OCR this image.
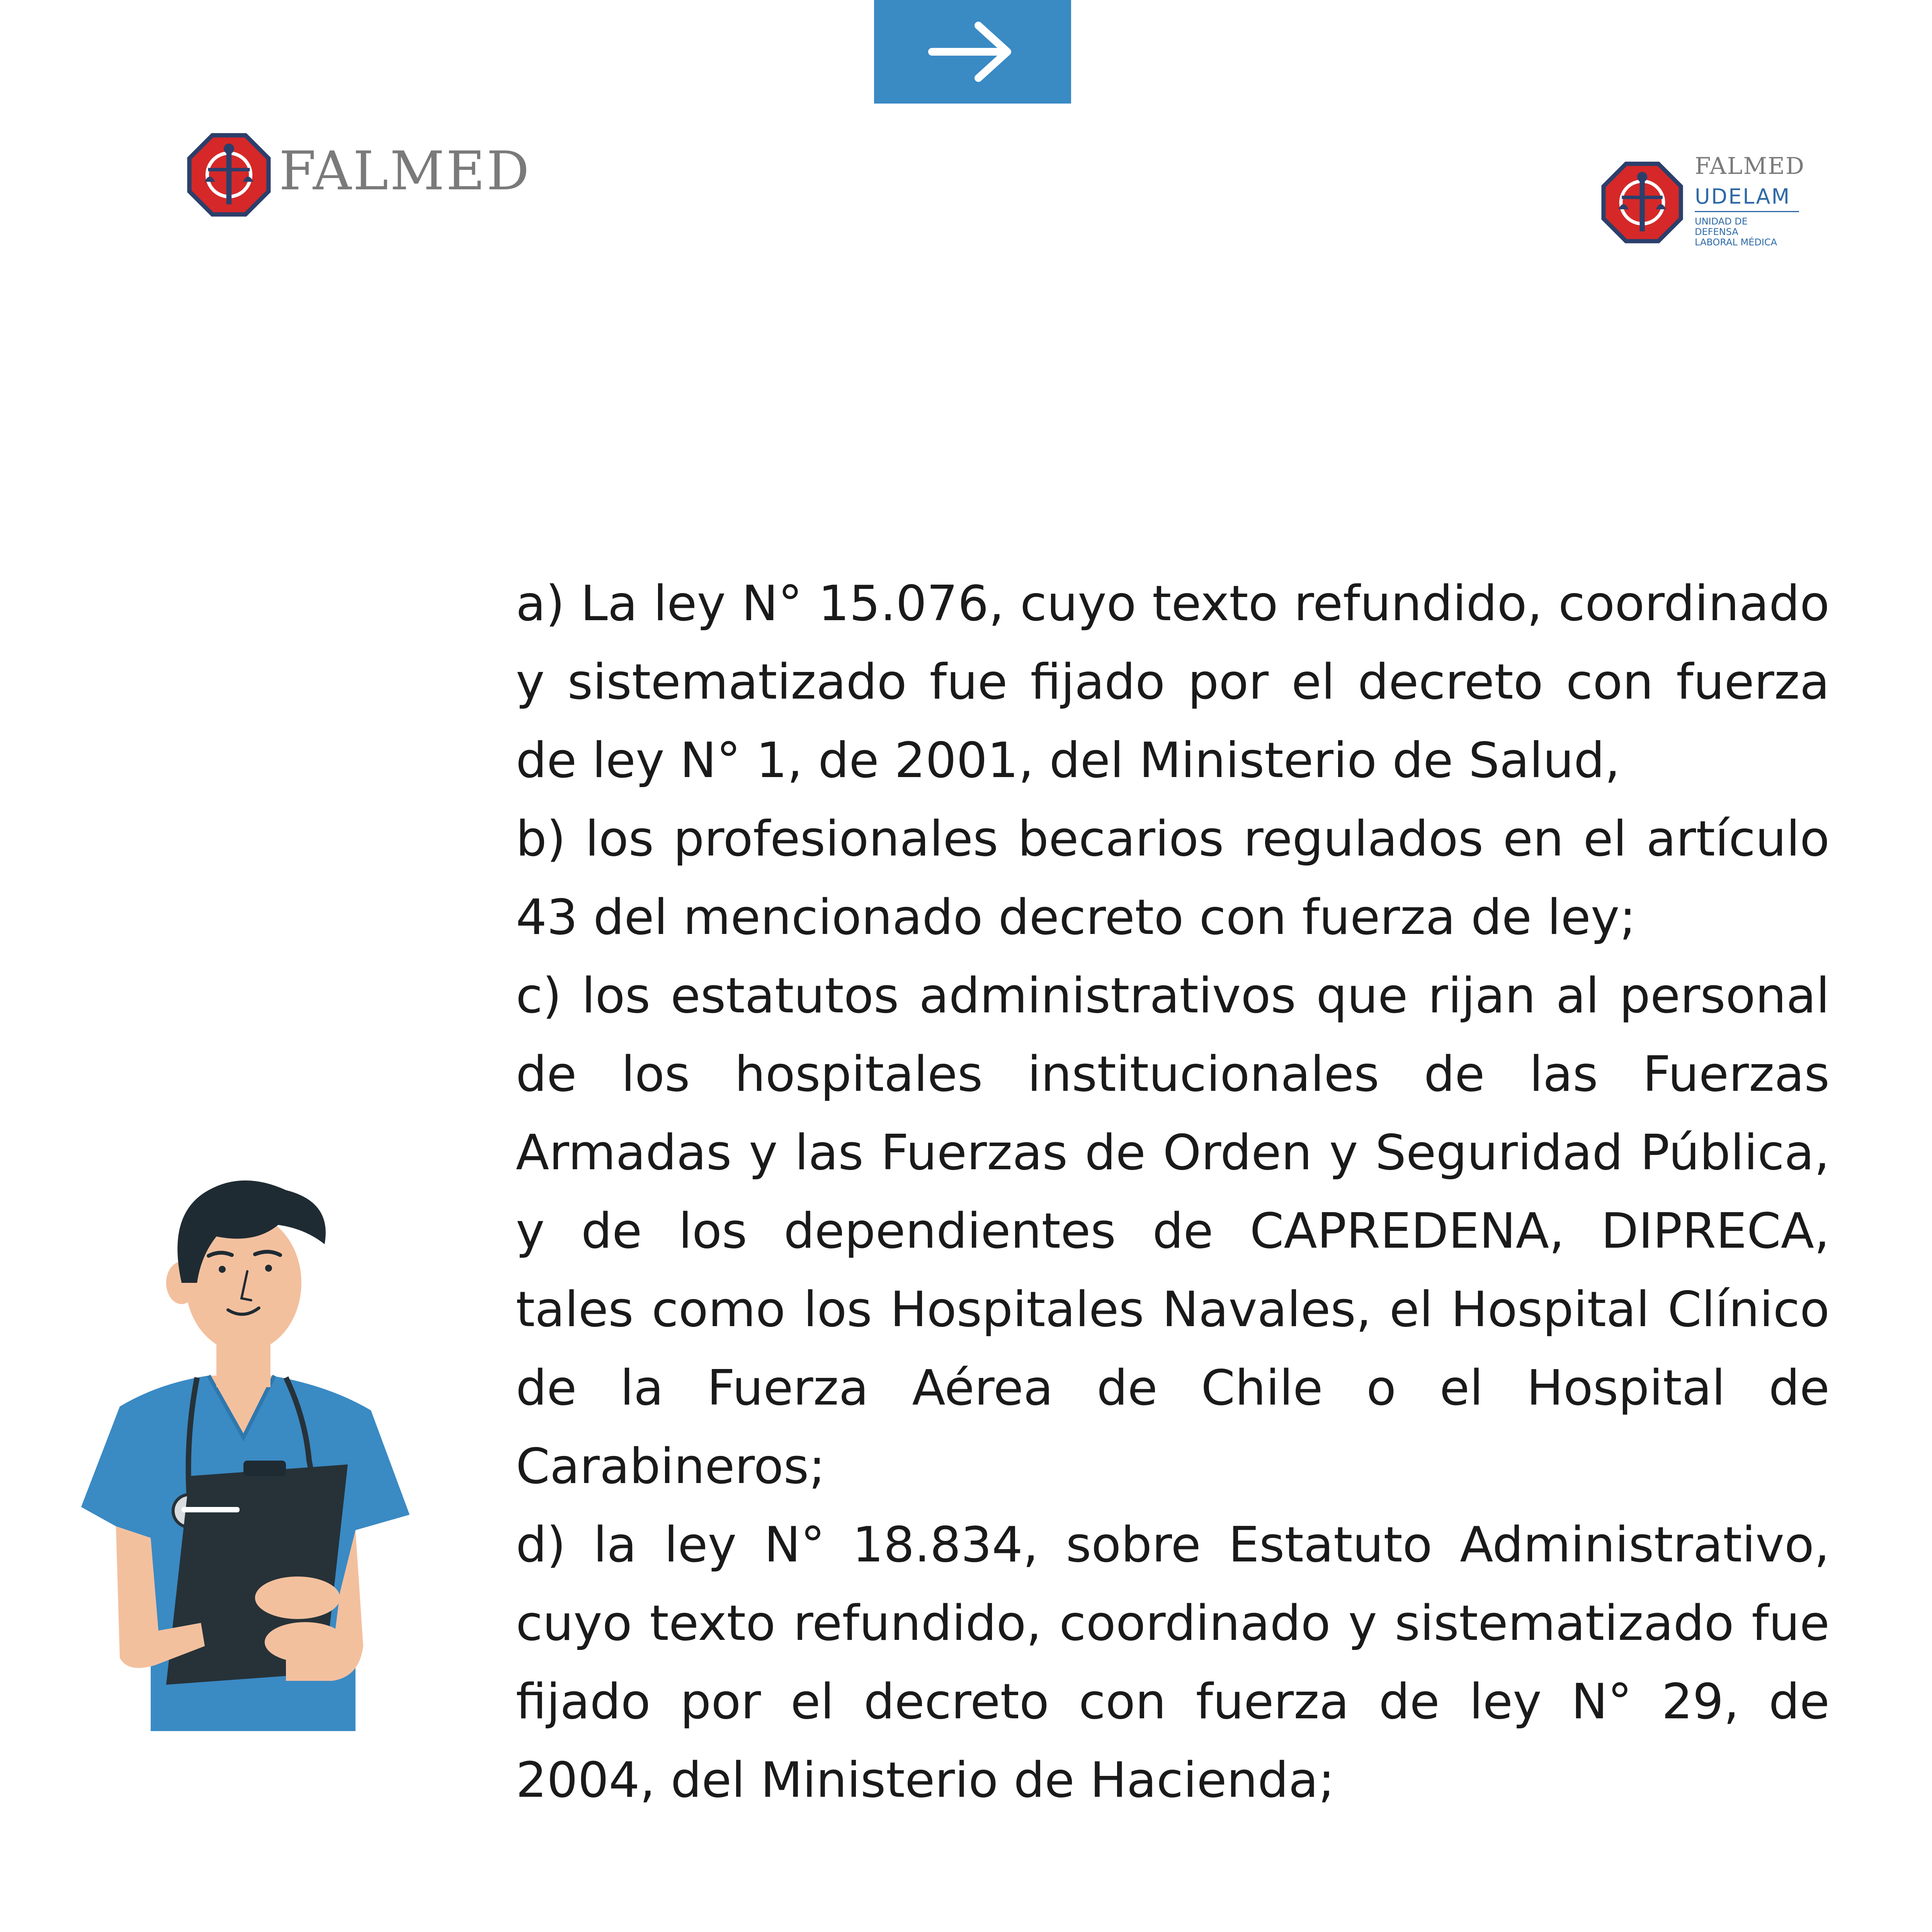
FALMED	FALMED
UDELAM
UNIDAD DE
DEFENSA
LABORAL MÉDICA

a) La ley N° 15.076, cuyo texto refundido, coordinado y sistematizado fue fijado por el decreto con fuerza de ley N° 1, de 2001, del Ministerio de Salud,

b) los profesionales becarios regulados en el artículo 43 del mencionado decreto con fuerza de ley;

c) los estatutos administrativos que rijan al personal de los hospitales institucionales de las Fuerzas Armadas y las Fuerzas de Orden y Seguridad Pública, y de los dependientes de CAPREDENA, DIPRECA, tales como los Hospitales Navales, el Hospital Clínico de la Fuerza Aérea de Chile o el Hospital de Carabineros;

d) la ley N° 18.834, sobre Estatuto Administrativo, cuyo texto refundido, coordinado y sistematizado fue fijado por el decreto con fuerza de ley N° 29, de 2004, del Ministerio de Hacienda;
